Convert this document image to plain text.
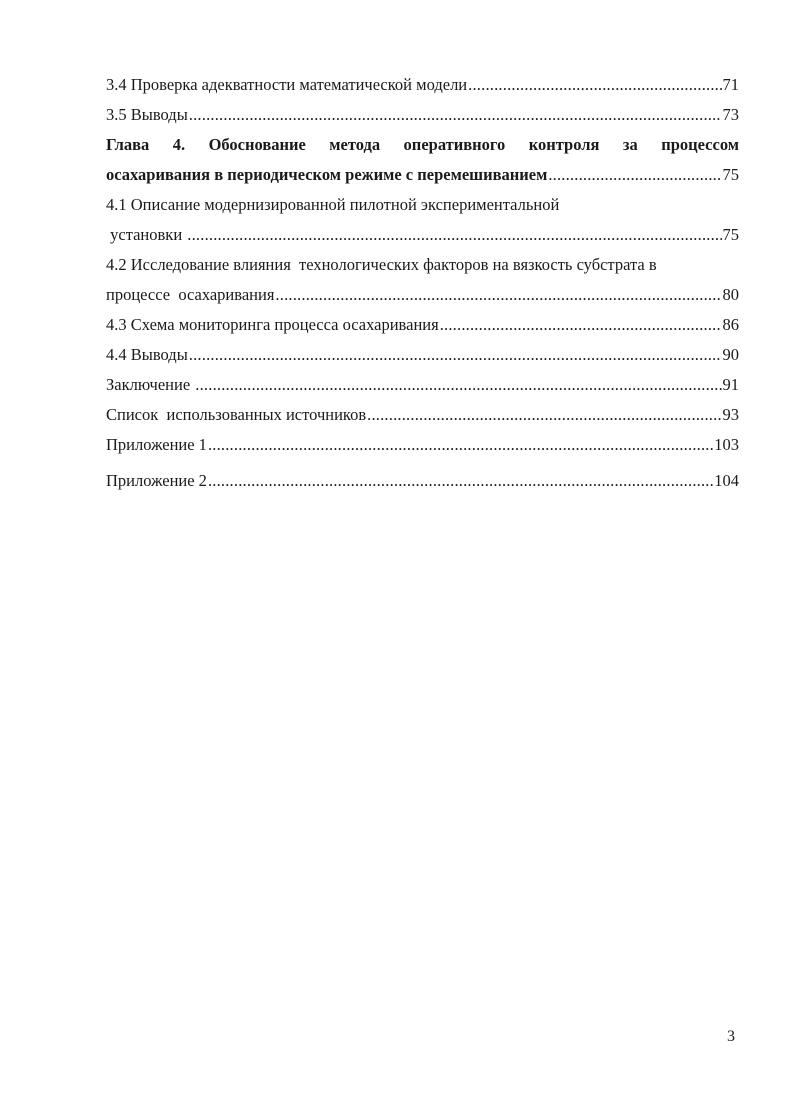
3.4 Проверка адекватности математической модели .....	71
3.5 Выводы .....	73
Глава 4. Обоснование метода оперативного контроля за процессом
осахаривания в периодическом режиме с перемешиванием .....	75
4.1 Описание модернизированной пилотной экспериментальной
установки .....	75
4.2 Исследование влияния  технологических факторов на вязкость субстрата в
процессе  осахаривания .....	80
4.3 Схема мониторинга процесса осахаривания .....	86
4.4 Выводы .....	90
Заключение .....	91
Список  использованных источников .....	93
Приложение 1 .....	103
Приложение 2 .....	104
3
